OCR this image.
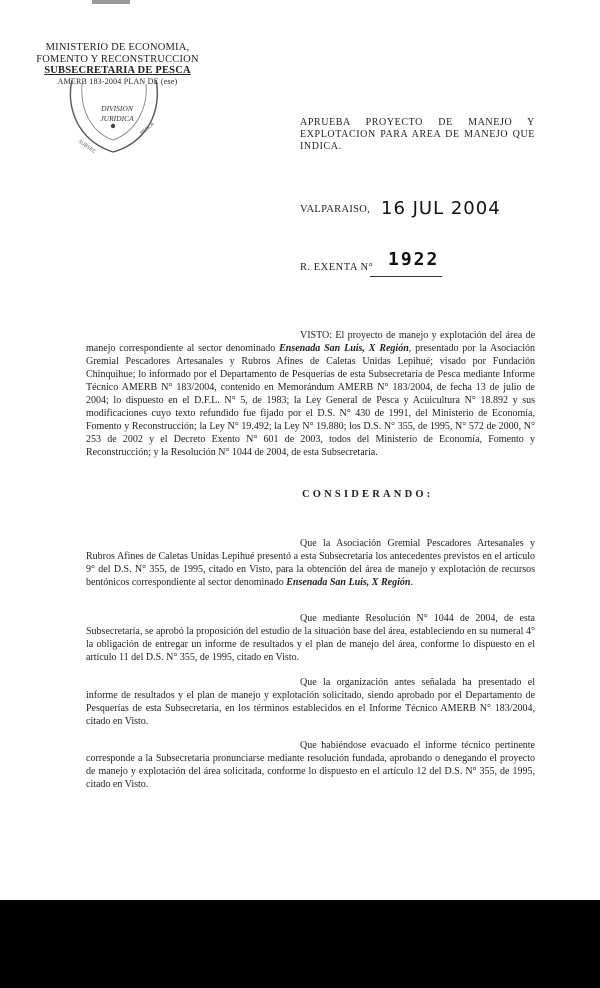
MINISTERIO DE ECONOMIA,
FOMENTO Y RECONSTRUCCION
SUBSECRETARIA DE PESCA
AMERB 183-2004 PLAN DE (ese)
SUBSEC
PESCA
DIVISION
JURIDICA	APRUEBA PROYECTO DE MANEJO Y EXPLOTACION PARA AREA DE MANEJO QUE INDICA.
VALPARAISO, 16 JUL 2004
R. EXENTA N° 1922
VISTO: El proyecto de manejo y explotación del área de manejo correspondiente al sector denominado Ensenada San Luis, X Región, presentado por la Asociación Gremial Pescadores Artesanales y Rubros Afines de Caletas Unidas Lepihué; visado por Fundación Chinquihue; lo informado por el Departamento de Pesquerías de esta Subsecretaría de Pesca mediante Informe Técnico AMERB N° 183/2004, contenido en Memorándum AMERB N° 183/2004, de fecha 13 de julio de 2004; lo dispuesto en el D.F.L. N° 5, de 1983; la Ley General de Pesca y Acuicultura N° 18.892 y sus modificaciones cuyo texto refundido fue fijado por el D.S. N° 430 de 1991, del Ministerio de Economía, Fomento y Reconstrucción; la Ley N° 19.492; la Ley N° 19.880; los D.S. N° 355, de 1995, N° 572 de 2000, N° 253 de 2002 y el Decreto Exento N° 601 de 2003, todos del Ministerio de Economía, Fomento y Reconstrucción; y la Resolución N° 1044 de 2004, de esta Subsecretaría.
CONSIDERANDO:
Que la Asociación Gremial Pescadores Artesanales y Rubros Afines de Caletas Unidas Lepihué presentó a esta Subsecretaría los antecedentes previstos en el artículo 9° del D.S. N° 355, de 1995, citado en Visto, para la obtención del área de manejo y explotación de recursos bentónicos correspondiente al sector denominado Ensenada San Luis, X Región.
Que mediante Resolución N° 1044 de 2004, de esta Subsecretaría, se aprobó la proposición del estudio de la situación base del área, estableciendo en su numeral 4° la obligación de entregar un informe de resultados y el plan de manejo del área, conforme lo dispuesto en el artículo 11 del D.S. N° 355, de 1995, citado en Visto.
Que la organización antes señalada ha presentado el informe de resultados y el plan de manejo y explotación solicitado, siendo aprobado por el Departamento de Pesquerías de esta Subsecretaría, en los términos establecidos en el Informe Técnico AMERB N° 183/2004, citado en Visto.
Que habiéndose evacuado el informe técnico pertinente corresponde a la Subsecretaría pronunciarse mediante resolución fundada, aprobando o denegando el proyecto de manejo y explotación del área solicitada, conforme lo dispuesto en el artículo 12 del D.S. N° 355, de 1995, citado en Visto.
